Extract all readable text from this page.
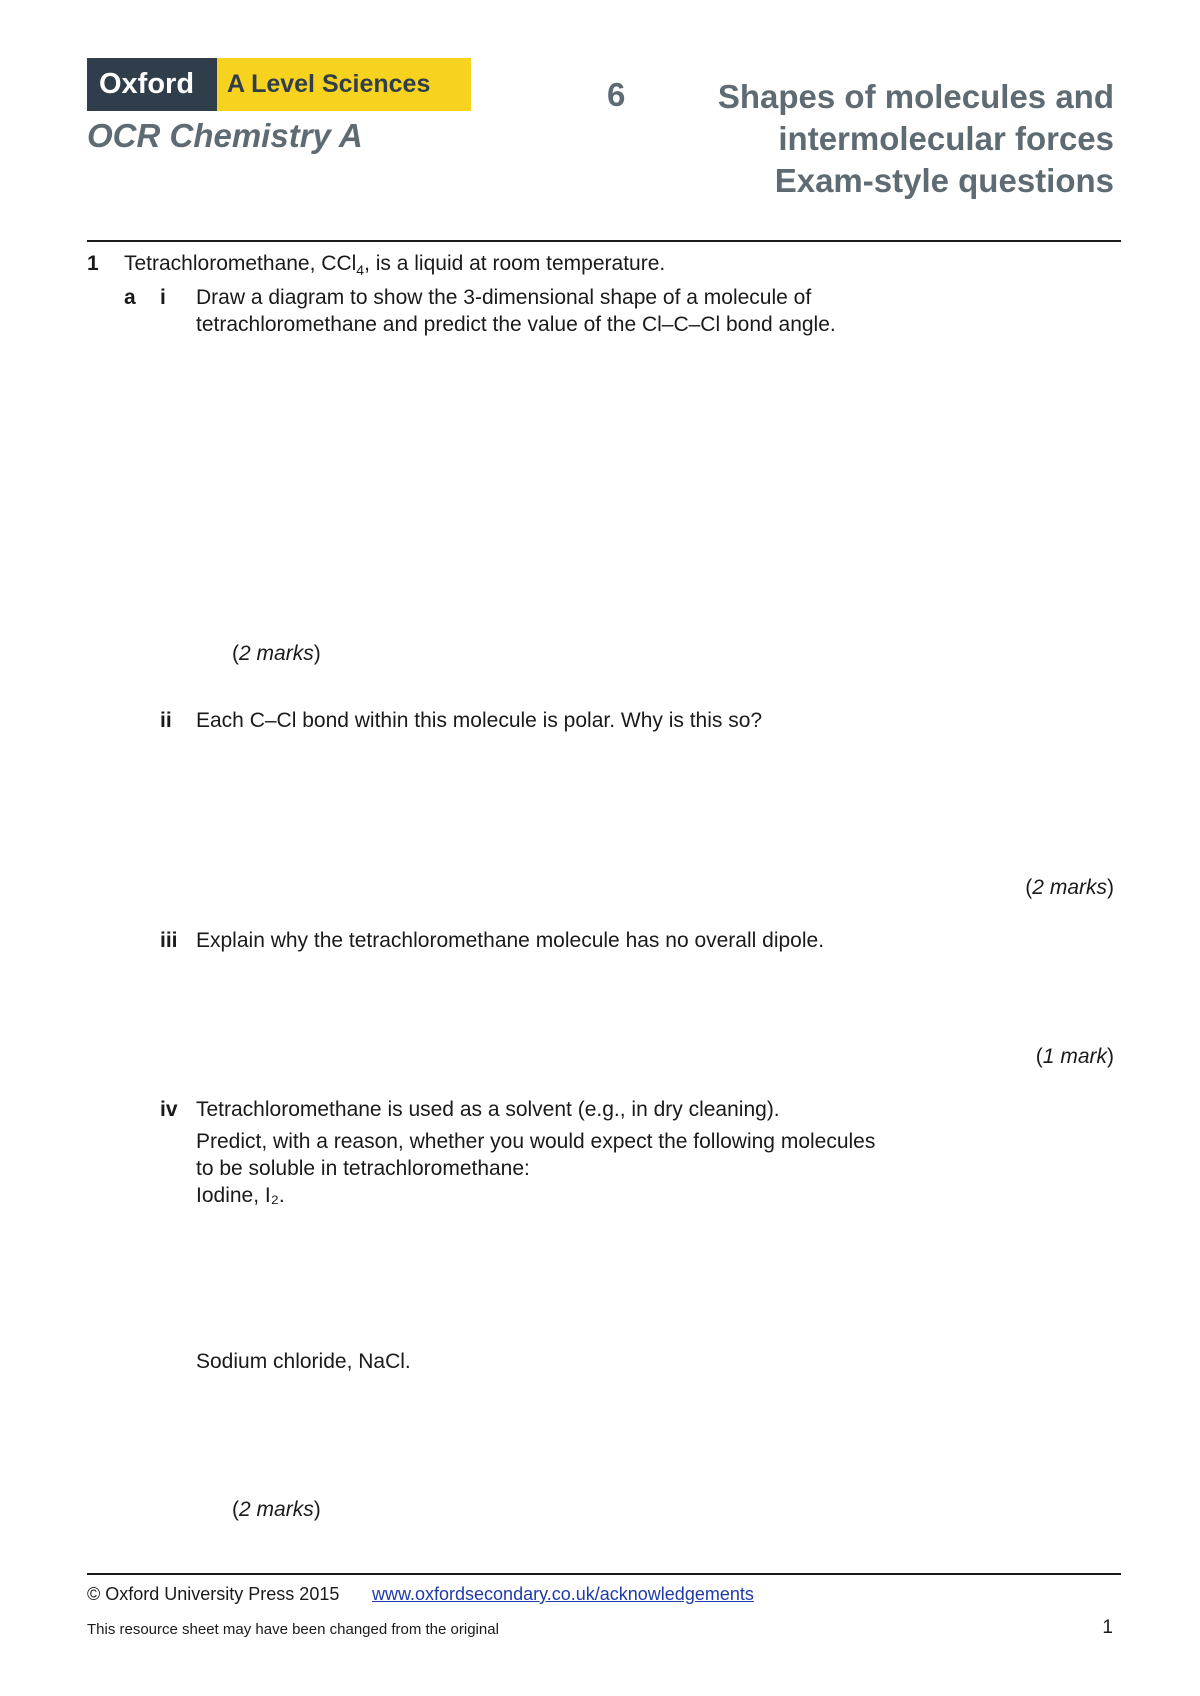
Oxford	A Level Sciences
OCR Chemistry A
6	Shapes of molecules and
intermolecular forces
Exam-style questions
1 Tetrachloromethane, CCl$_4$, is a liquid at room temperature.
a i Draw a diagram to show the 3-dimensional shape of a molecule of
tetrachloromethane and predict the value of the Cl–C–Cl bond angle.
(2 marks)
ii Each C–Cl bond within this molecule is polar. Why is this so?
(2 marks)
iii Explain why the tetrachloromethane molecule has no overall dipole.
(1 mark)
iv Tetrachloromethane is used as a solvent (e.g., in dry cleaning).
Predict, with a reason, whether you would expect the following molecules
to be soluble in tetrachloromethane:
Iodine, I₂.
Sodium chloride, NaCl.
(2 marks)
© Oxford University Press 2015 www.oxfordsecondary.co.uk/acknowledgements
This resource sheet may have been changed from the original	1
